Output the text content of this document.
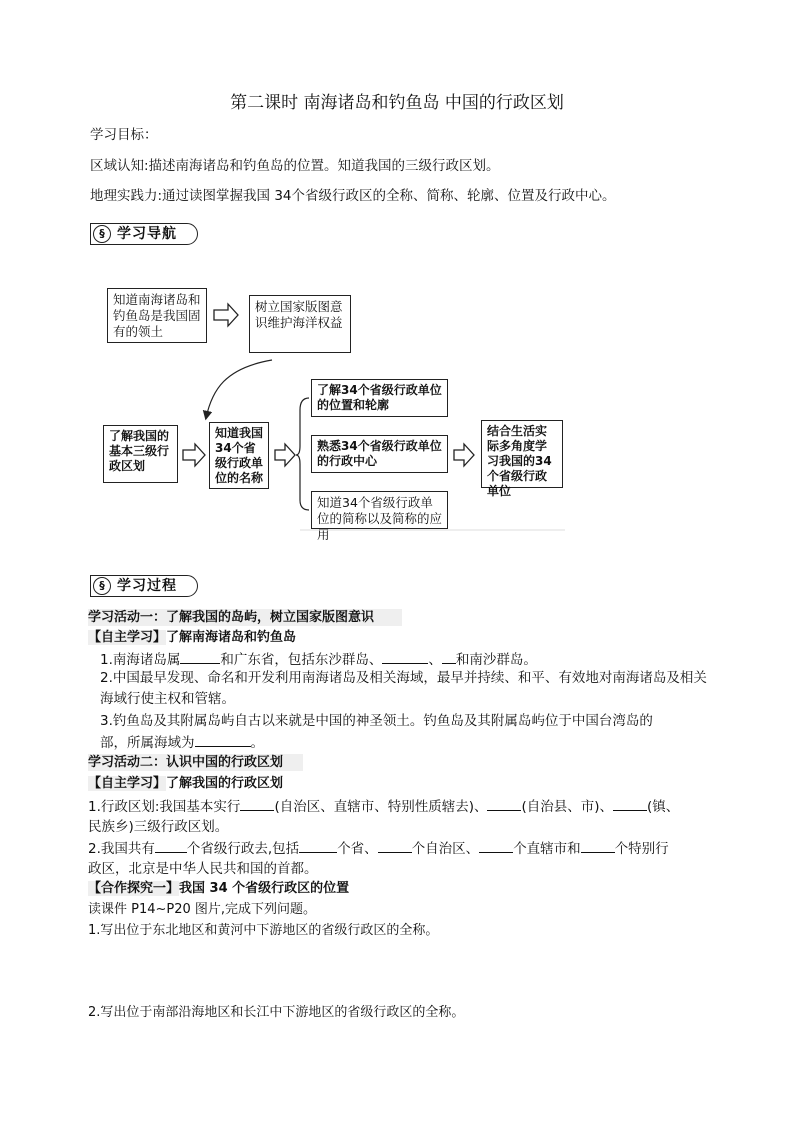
第二课时 南海诸岛和钓鱼岛 中国的行政区划
学习目标：
区域认知:描述南海诸岛和钓鱼岛的位置。知道我国的三级行政区划。
地理实践力:通过读图掌握我国 34个省级行政区的全称、简称、轮廓、位置及行政中心。
§ 学习导航
知道南海诸岛和钓鱼岛是我国固有的领土
树立国家版图意识维护海洋权益
了解我国的基本三级行政区划
知道我国34个省级行政单位的名称
了解34个省级行政单位的位置和轮廓
熟悉34个省级行政单位的行政中心
知道34个省级行政单位的简称以及简称的应用
结合生活实际多角度学习我国的34个省级行政单位
§ 学习过程
学习活动一：了解我国的岛屿，树立国家版图意识
【自主学习】了解南海诸岛和钓鱼岛
1.南海诸岛属	和广东省，包括东沙群岛、	、 和南沙群岛。
2.中国最早发现、命名和开发利用南海诸岛及相关海域，最早并持续、和平、有效地对南海诸岛及相关海域行使主权和管辖。
3.钓鱼岛及其附属岛屿自古以来就是中国的神圣领土。钓鱼岛及其附属岛屿位于中国台湾岛的
部，所属海域为	。
学习活动二：认识中国的行政区划
【自主学习】了解我国的行政区划
1.行政区划:我国基本实行	(自治区、直辖市、特别性质辖去)、	(自治县、市)、	(镇、
民族乡)三级行政区划。
2.我国共有 个省级行政去,包括	个省、	个自治区、	个直辖市和	个特别行
政区，北京是中华人民共和国的首都。
【合作探究一】我国 34 个省级行政区的位置
读课件 P14~P20 图片,完成下列问题。
1.写出位于东北地区和黄河中下游地区的省级行政区的全称。
2.写出位于南部沿海地区和长江中下游地区的省级行政区的全称。
